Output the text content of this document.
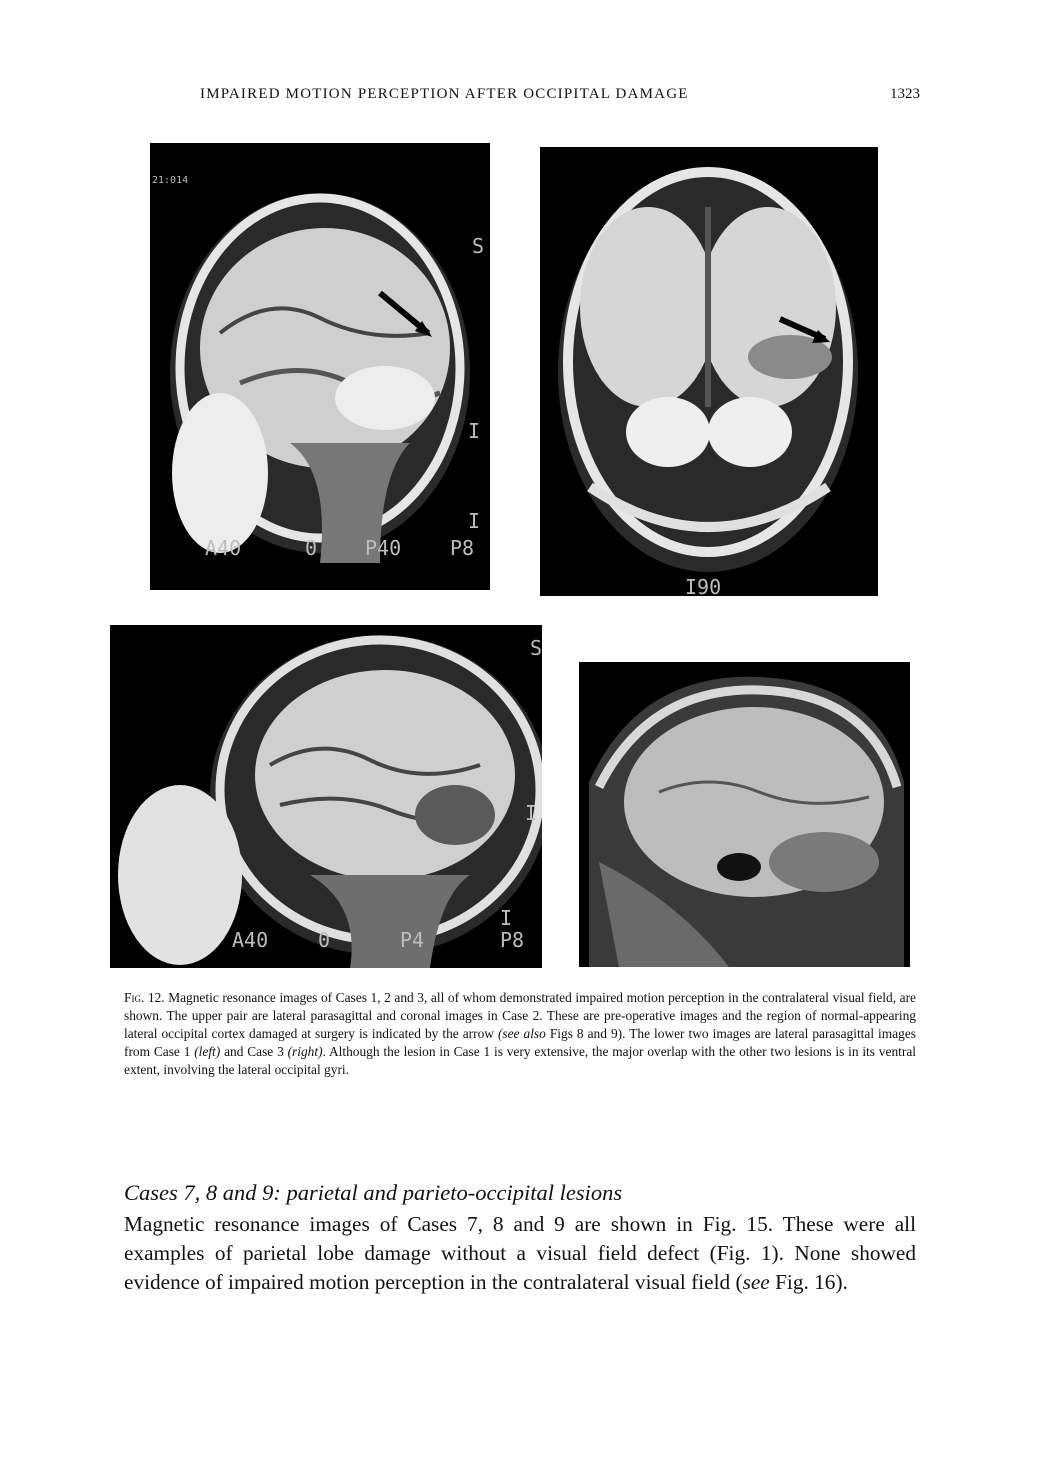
IMPAIRED MOTION PERCEPTION AFTER OCCIPITAL DAMAGE	1323
21:014
S
I
I
A40	0 P40 P8
I90
S
I
I
A40 0	P4	P8
Fig. 12. Magnetic resonance images of Cases 1, 2 and 3, all of whom demonstrated impaired motion perception in the contralateral visual field, are shown. The upper pair are lateral parasagittal and coronal images in Case 2. These are pre-operative images and the region of normal-appearing lateral occipital cortex damaged at surgery is indicated by the arrow (see also Figs 8 and 9). The lower two images are lateral parasagittal images from Case 1 (left) and Case 3 (right). Although the lesion in Case 1 is very extensive, the major overlap with the other two lesions is in its ventral extent, involving the lateral occipital gyri.
Cases 7, 8 and 9: parietal and parieto-occipital lesions
Magnetic resonance images of Cases 7, 8 and 9 are shown in Fig. 15. These were all examples of parietal lobe damage without a visual field defect (Fig. 1). None showed evidence of impaired motion perception in the contralateral visual field (see Fig. 16).
